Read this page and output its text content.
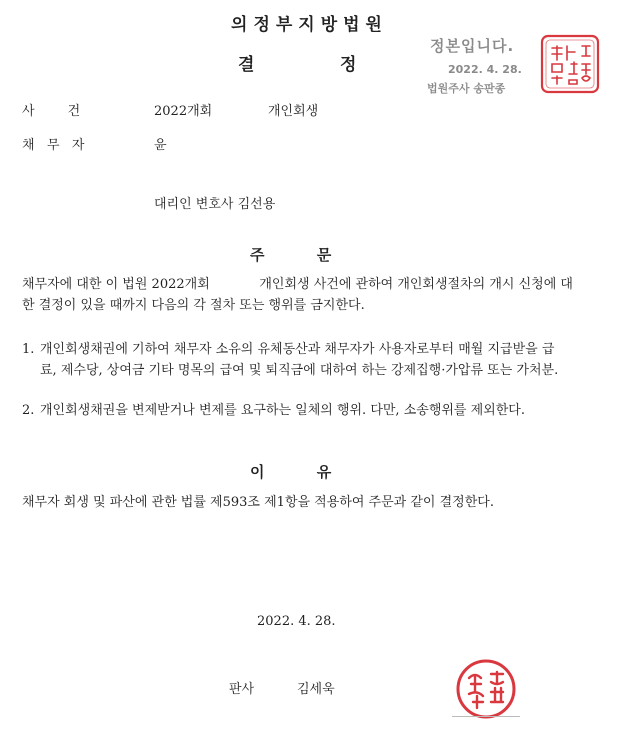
의정부지방법원
결	정
정본입니다.
2022. 4. 28.
법원주사 송판종
사        건	2022개회	개인회생
채   무   자	윤
대리인 변호사 김선용
주          문
채무자에 대한 이 법원 2022개회            개인회생 사건에 관하여 개인회생절차의 개시 신청에 대한 결정이 있을 때까지 다음의 각 절차 또는 행위를 금지한다.
1. 개인회생채권에 기하여 채무자 소유의 유체동산과 채무자가 사용자로부터 매월 지급받을 급료, 제수당, 상여금 기타 명목의 급여 및 퇴직금에 대하여 하는 강제집행·가압류 또는 가처분.
2. 개인회생채권을 변제받거나 변제를 요구하는 일체의 행위. 다만, 소송행위를 제외한다.
이          유
채무자 회생 및 파산에 관한 법률 제593조 제1항을 적용하여 주문과 같이 결정한다.
2022. 4. 28.
판사	김세욱
